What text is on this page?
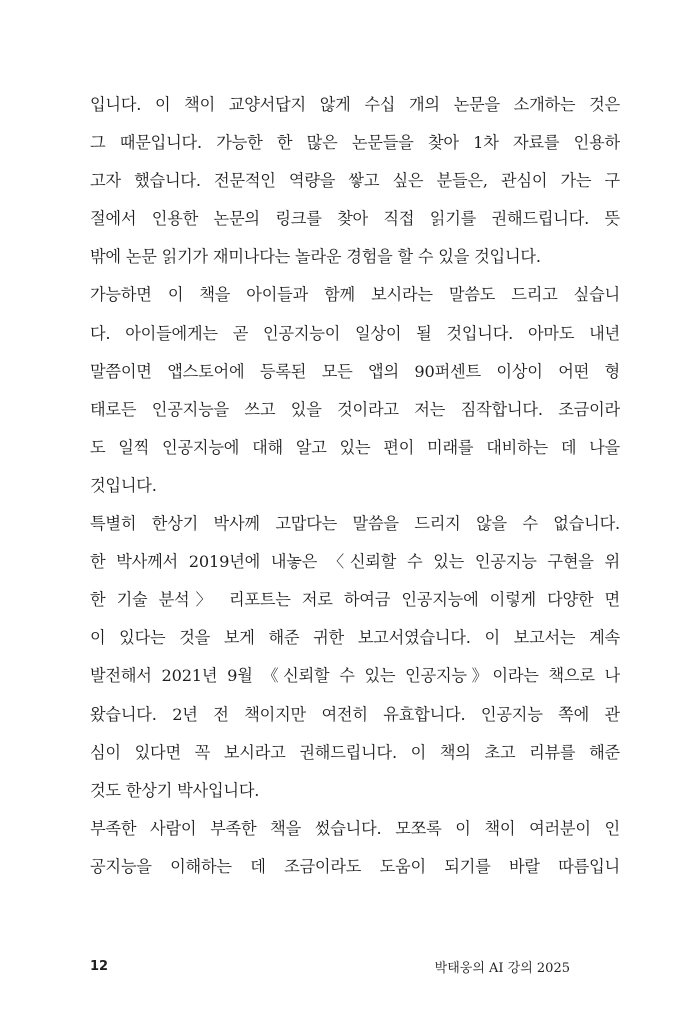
입니다. 이 책이 교양서답지 않게 수십 개의 논문을 소개하는 것은
그 때문입니다. 가능한 한 많은 논문들을 찾아 1차 자료를 인용하
고자 했습니다. 전문적인 역량을 쌓고 싶은 분들은, 관심이 가는 구
절에서 인용한 논문의 링크를 찾아 직접 읽기를 권해드립니다. 뜻
밖에 논문 읽기가 재미나다는 놀라운 경험을 할 수 있을 것입니다.
가능하면 이 책을 아이들과 함께 보시라는 말씀도 드리고 싶습니
다. 아이들에게는 곧 인공지능이 일상이 될 것입니다. 아마도 내년
말쯤이면 앱스토어에 등록된 모든 앱의 90퍼센트 이상이 어떤 형
태로든 인공지능을 쓰고 있을 것이라고 저는 짐작합니다. 조금이라
도 일찍 인공지능에 대해 알고 있는 편이 미래를 대비하는 데 나을
것입니다.
특별히 한상기 박사께 고맙다는 말씀을 드리지 않을 수 없습니다.
한 박사께서 2019년에 내놓은 〈신뢰할 수 있는 인공지능 구현을 위
한 기술 분석〉 리포트는 저로 하여금 인공지능에 이렇게 다양한 면
이 있다는 것을 보게 해준 귀한 보고서였습니다. 이 보고서는 계속
발전해서 2021년 9월 《신뢰할 수 있는 인공지능》이라는 책으로 나
왔습니다. 2년 전 책이지만 여전히 유효합니다. 인공지능 쪽에 관
심이 있다면 꼭 보시라고 권해드립니다. 이 책의 초고 리뷰를 해준
것도 한상기 박사입니다.
부족한 사람이 부족한 책을 썼습니다. 모쪼록 이 책이 여러분이 인
공지능을 이해하는 데 조금이라도 도움이 되기를 바랄 따름입니
12	박태웅의 AI 강의 2025
